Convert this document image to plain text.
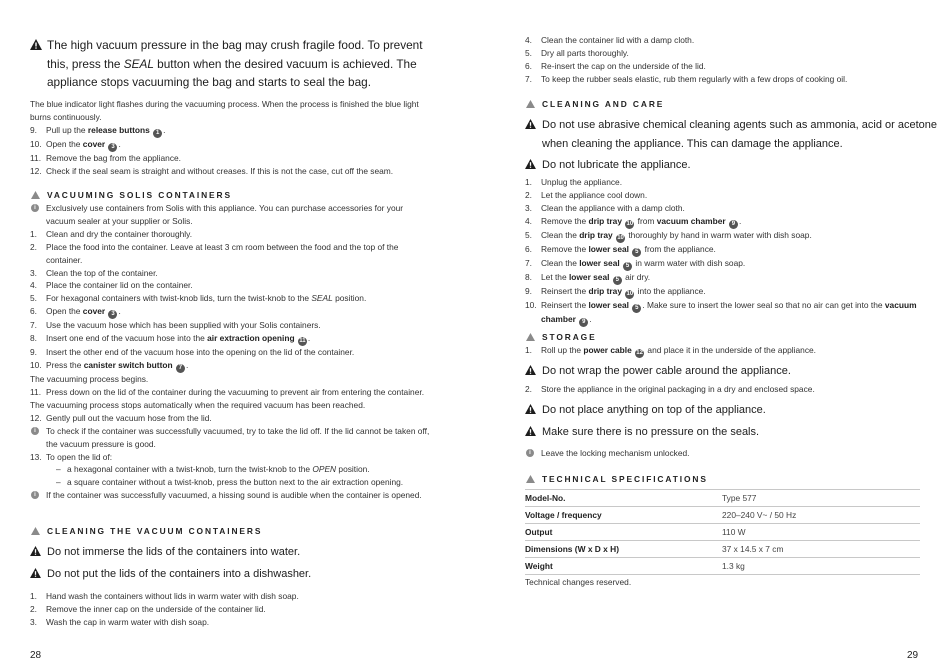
The high vacuum pressure in the bag may crush fragile food. To prevent this, press the SEAL button when the desired vacuum is achieved. The appliance stops vacuuming the bag and starts to seal the bag.

The blue indicator light flashes during the vacuuming process. When the process is finished the blue light burns continuously.

9. Pull up the release buttons 1 .

10. Open the cover 3 .

11. Remove the bag from the appliance.

12. Check if the seal seam is straight and without creases. If this is not the case, cut off the seam.

VACUUMING SOLIS CONTAINERS

i	Exclusively use containers from Solis with this appliance. You can purchase accessories for your vacuum sealer at your supplier or Solis.

1. Clean and dry the container thoroughly.

2. Place the food into the container. Leave at least 3 cm room between the food and the top of the container.

3. Clean the top of the container.

4. Place the container lid on the container.

5. For hexagonal containers with twist-knob lids, turn the twist-knob to the SEAL position.

6. Open the cover 3 .

7. Use the vacuum hose which has been supplied with your Solis containers.

8. Insert one end of the vacuum hose into the air extraction opening 11 .

9. Insert the other end of the vacuum hose into the opening on the lid of the container.

10. Press the canister switch button 7 .

The vacuuming process begins.

11. Press down on the lid of the container during the vacuuming to prevent air from entering the container.

The vacuuming process stops automatically when the required vacuum has been reached.

12. Gently pull out the vacuum hose from the lid.

i	To check if the container was successfully vacuumed, try to take the lid off. If the lid cannot be taken off, the vacuum pressure is good.

13. To open the lid of:

– a hexagonal container with a twist-knob, turn the twist-knob to the OPEN position.

– a square container without a twist-knob, press the button next to the air extraction opening.

i	If the container was successfully vacuumed, a hissing sound is audible when the container is opened.

CLEANING THE VACUUM CONTAINERS

Do not immerse the lids of the containers into water.

Do not put the lids of the containers into a dishwasher.

1. Hand wash the containers without lids in warm water with dish soap.

2. Remove the inner cap on the underside of the container lid.

3. Wash the cap in warm water with dish soap.

28

4. Clean the container lid with a damp cloth.

5. Dry all parts thoroughly.

6. Re-insert the cap on the underside of the lid.

7. To keep the rubber seals elastic, rub them regularly with a few drops of cooking oil.

CLEANING AND CARE

Do not use abrasive chemical cleaning agents such as ammonia, acid or acetone when cleaning the appliance. This can damage the appliance.

Do not lubricate the appliance.

1. Unplug the appliance.

2. Let the appliance cool down.

3. Clean the appliance with a damp cloth.

4. Remove the drip tray 10 from vacuum chamber 9 .

5. Clean the drip tray 10 thoroughly by hand in warm water with dish soap.

6. Remove the lower seal 5 from the appliance.

7. Clean the lower seal 5 in warm water with dish soap.

8. Let the lower seal 5 air dry.

9. Reinsert the drip tray 10 into the appliance.

10. Reinsert the lower seal 5 . Make sure to insert the lower seal so that no air can get into the vacuum chamber 9 .

STORAGE

1. Roll up the power cable 12 and place it in the underside of the appliance.

Do not wrap the power cable around the appliance.

2. Store the appliance in the original packaging in a dry and enclosed space.

Do not place anything on top of the appliance.

Make sure there is no pressure on the seals.

i	Leave the locking mechanism unlocked.

TECHNICAL SPECIFICATIONS

Model-No.	Type 577
Voltage / frequency	220–240 V~ / 50 Hz
Output	110 W
Dimensions (W x D x H)	37 x 14.5 x 7 cm
Weight	1.3 kg

Technical changes reserved.

29
